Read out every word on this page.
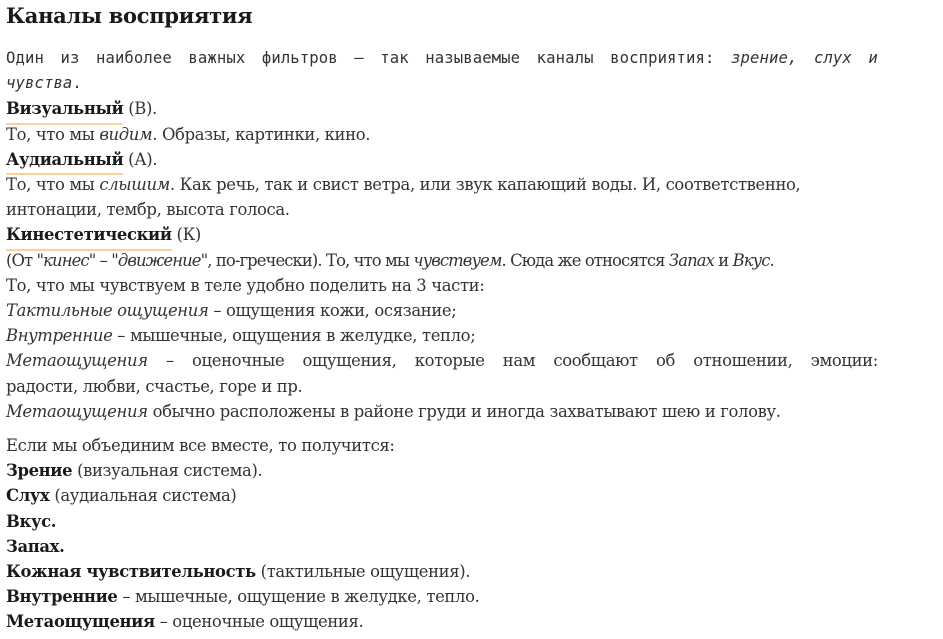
Каналы восприятия
Один из наиболее важных фильтров – так называемые каналы восприятия: зрение, слух и
чувства.
Визуальный (В).
То, что мы видим. Образы, картинки, кино.
Аудиальный (А).
То, что мы слышим. Как речь, так и свист ветра, или звук капающий воды. И, соответственно,
интонации, тембр, высота голоса.
Кинестетический (К)
(От "кинес" – "движение", по-гречески). То, что мы чувствуем. Сюда же относятся Запах и Вкус.
То, что мы чувствуем в теле удобно поделить на 3 части:
Тактильные ощущения – ощущения кожи, осязание;
Внутренние – мышечные, ощущения в желудке, тепло;
Метаощущения – оценочные ощущения, которые нам сообщают об отношении, эмоции:
радости, любви, счастье, горе и пр.
Метаощущения обычно расположены в районе груди и иногда захватывают шею и голову.
Если мы объединим все вместе, то получится:
Зрение (визуальная система).
Слух (аудиальная система)
Вкус.
Запах.
Кожная чувствительность (тактильные ощущения).
Внутренние – мышечные, ощущение в желудке, тепло.
Метаощущения – оценочные ощущения.
